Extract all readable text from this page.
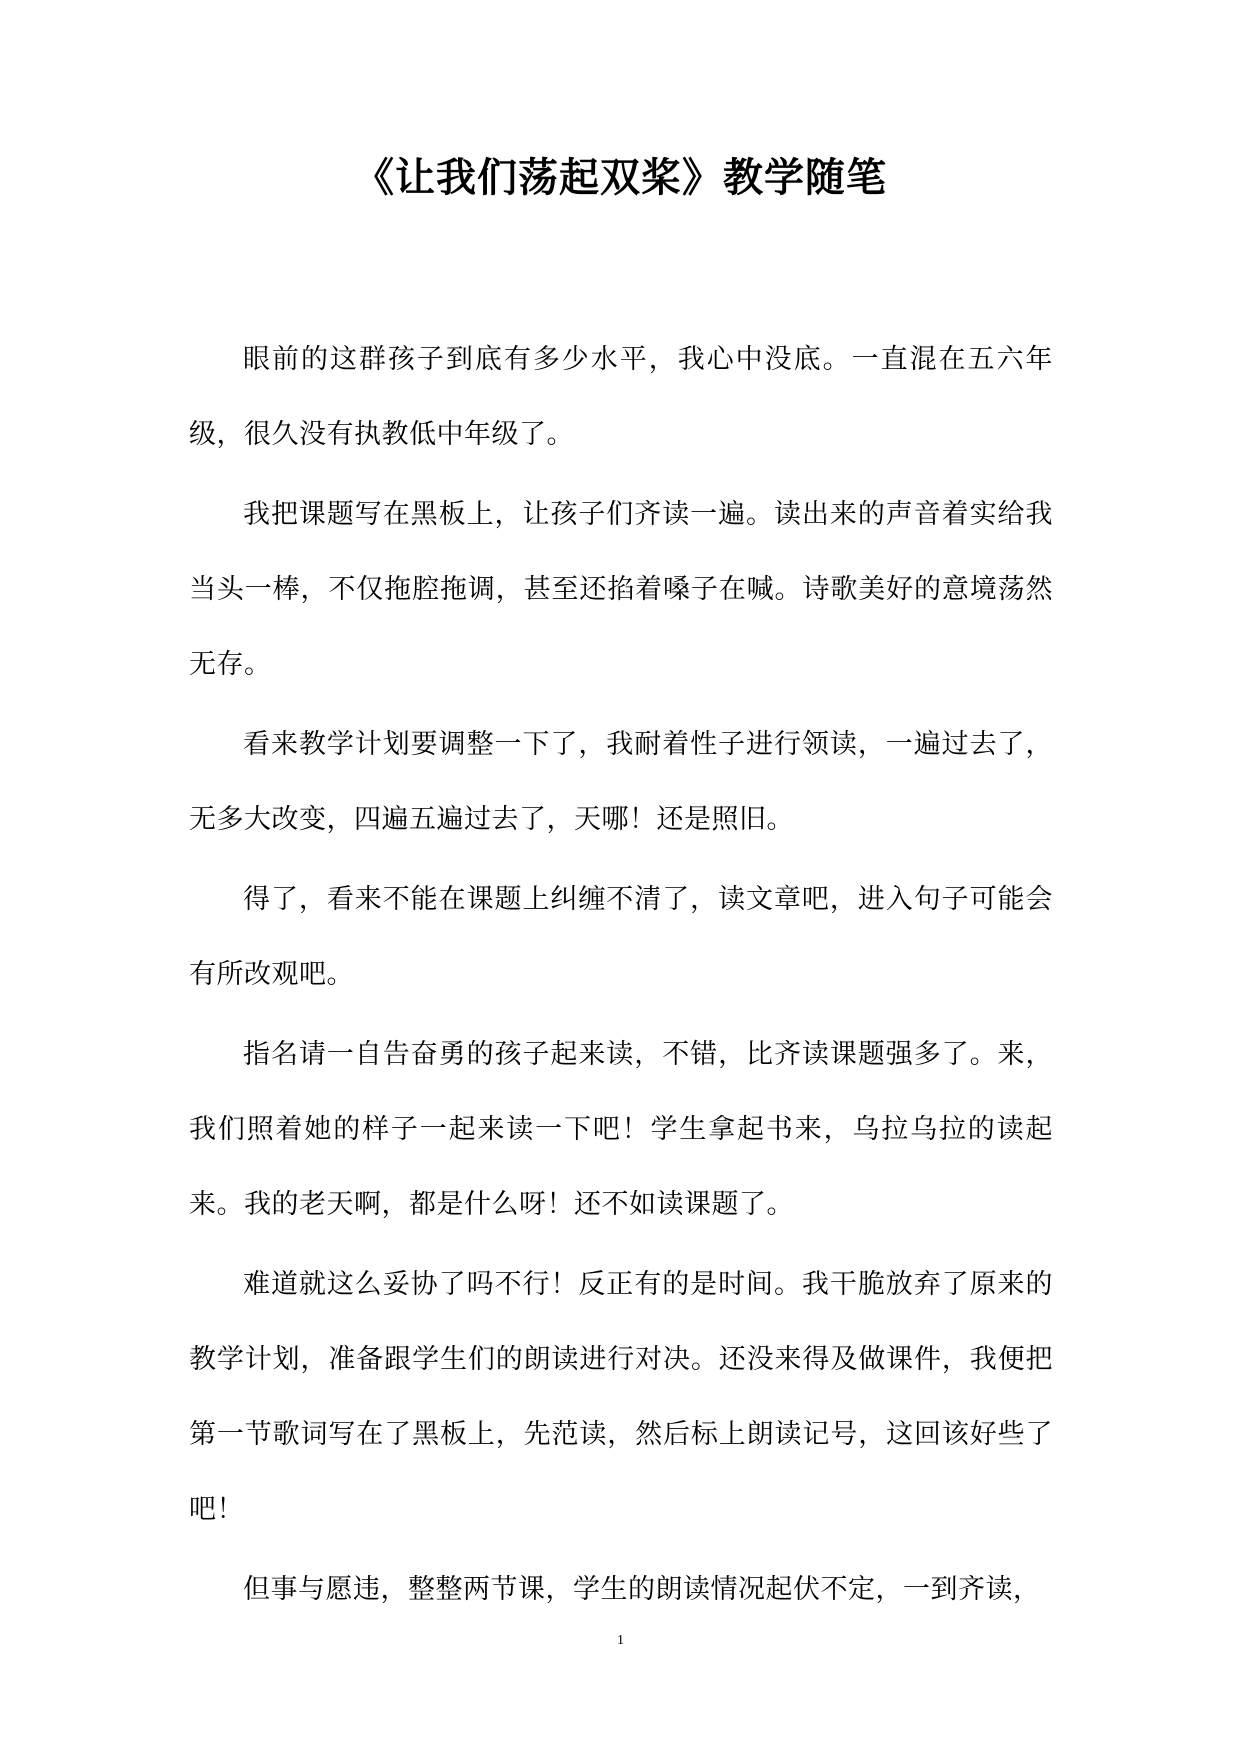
《让我们荡起双桨》教学随笔

眼前的这群孩子到底有多少水平，我心中没底。一直混在五六年级，很久没有执教低中年级了。

我把课题写在黑板上，让孩子们齐读一遍。读出来的声音着实给我当头一棒，不仅拖腔拖调，甚至还掐着嗓子在喊。诗歌美好的意境荡然无存。

看来教学计划要调整一下了，我耐着性子进行领读，一遍过去了，无多大改变，四遍五遍过去了，天哪！还是照旧。

得了，看来不能在课题上纠缠不清了，读文章吧，进入句子可能会有所改观吧。

指名请一自告奋勇的孩子起来读，不错，比齐读课题强多了。来，我们照着她的样子一起来读一下吧！学生拿起书来，乌拉乌拉的读起来。我的老天啊，都是什么呀！还不如读课题了。

难道就这么妥协了吗不行！反正有的是时间。我干脆放弃了原来的教学计划，准备跟学生们的朗读进行对决。还没来得及做课件，我便把第一节歌词写在了黑板上，先范读，然后标上朗读记号，这回该好些了吧！

但事与愿违，整整两节课，学生的朗读情况起伏不定，一到齐读，

1
